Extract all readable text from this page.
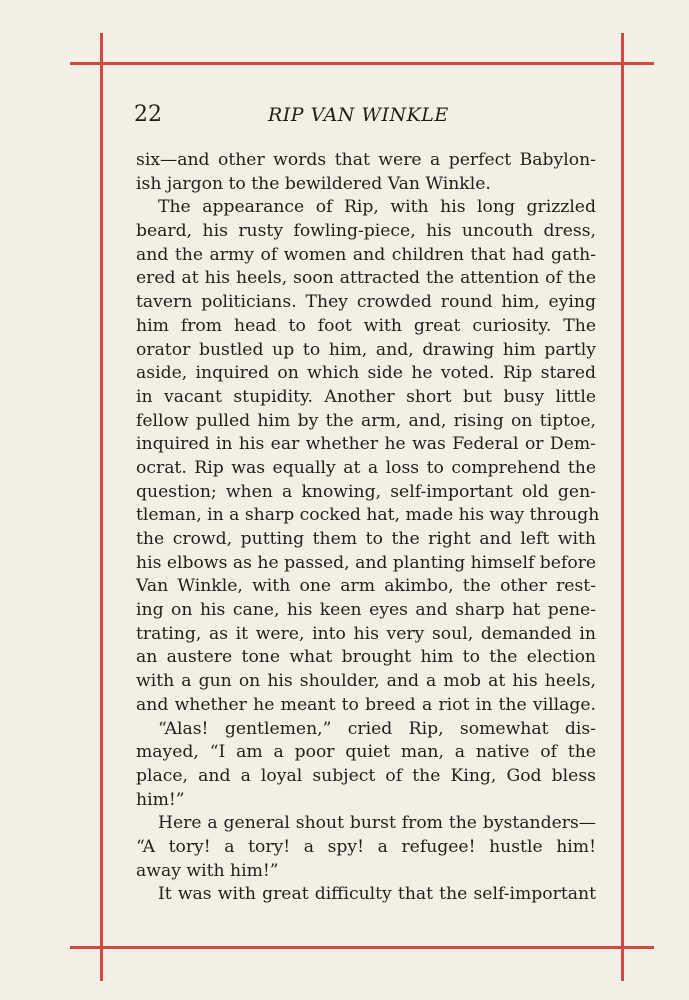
22	RIP VAN WINKLE
six—and other words that were a perfect Babylon-
ish jargon to the bewildered Van Winkle.
The appearance of Rip, with his long grizzled
beard, his rusty fowling-piece, his uncouth dress,
and the army of women and children that had gath-
ered at his heels, soon attracted the attention of the
tavern politicians. They crowded round him, eying
him from head to foot with great curiosity. The
orator bustled up to him, and, drawing him partly
aside, inquired on which side he voted. Rip stared
in vacant stupidity. Another short but busy little
fellow pulled him by the arm, and, rising on tiptoe,
inquired in his ear whether he was Federal or Dem-
ocrat. Rip was equally at a loss to comprehend the
question; when a knowing, self-important old gen-
tleman, in a sharp cocked hat, made his way through
the crowd, putting them to the right and left with
his elbows as he passed, and planting himself before
Van Winkle, with one arm akimbo, the other rest-
ing on his cane, his keen eyes and sharp hat pene-
trating, as it were, into his very soul, demanded in
an austere tone what brought him to the election
with a gun on his shoulder, and a mob at his heels,
and whether he meant to breed a riot in the village.
“Alas! gentlemen,” cried Rip, somewhat dis-
mayed, “I am a poor quiet man, a native of the
place, and a loyal subject of the King, God bless
him!”
Here a general shout burst from the bystanders—
“A tory! a tory! a spy! a refugee! hustle him!
away with him!”
It was with great difficulty that the self-important
